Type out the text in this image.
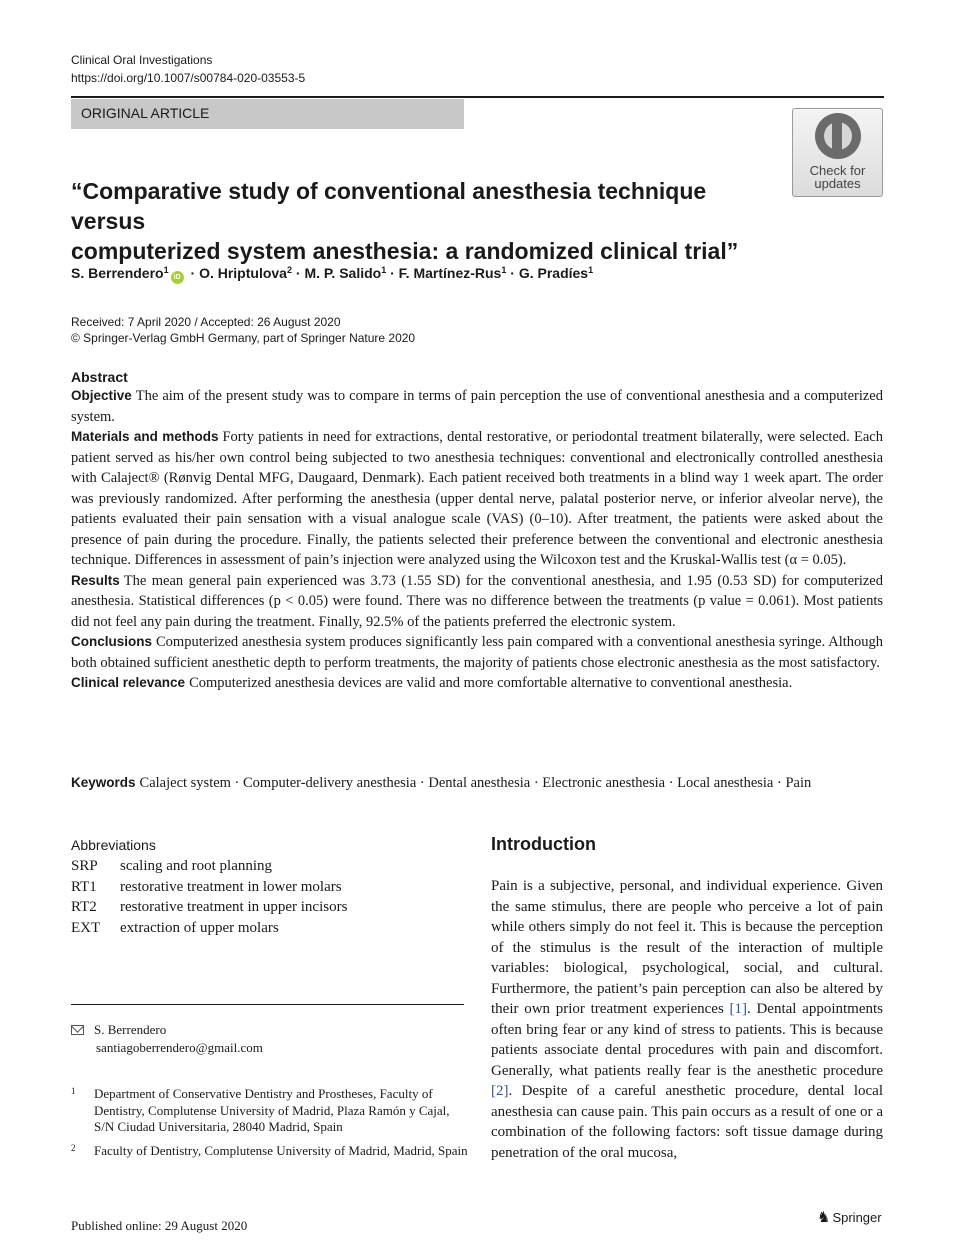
Clinical Oral Investigations
https://doi.org/10.1007/s00784-020-03553-5
ORIGINAL ARTICLE
Check for
updates
“Comparative study of conventional anesthesia technique versus
computerized system anesthesia: a randomized clinical trial”
S. Berrendero$^1$iD · O. Hriptulova$^2$ · M. P. Salido$^1$ · F. Martínez-Rus$^1$ · G. Pradíes$^1$
Received: 7 April 2020 / Accepted: 26 August 2020
© Springer-Verlag GmbH Germany, part of Springer Nature 2020
Abstract
Objective The aim of the present study was to compare in terms of pain perception the use of conventional anesthesia and a computerized system.
Materials and methods Forty patients in need for extractions, dental restorative, or periodontal treatment bilaterally, were selected. Each patient served as his/her own control being subjected to two anesthesia techniques: conventional and electronically controlled anesthesia with Calaject® (Rønvig Dental MFG, Daugaard, Denmark). Each patient received both treatments in a blind way 1 week apart. The order was previously randomized. After performing the anesthesia (upper dental nerve, palatal posterior nerve, or inferior alveolar nerve), the patients evaluated their pain sensation with a visual analogue scale (VAS) (0–10). After treatment, the patients were asked about the presence of pain during the procedure. Finally, the patients selected their preference between the conventional and electronic anesthesia technique. Differences in assessment of pain’s injection were analyzed using the Wilcoxon test and the Kruskal-Wallis test (α = 0.05).
Results The mean general pain experienced was 3.73 (1.55 SD) for the conventional anesthesia, and 1.95 (0.53 SD) for computerized anesthesia. Statistical differences (p < 0.05) were found. There was no difference between the treatments (p value = 0.061). Most patients did not feel any pain during the treatment. Finally, 92.5% of the patients preferred the electronic system.
Conclusions Computerized anesthesia system produces significantly less pain compared with a conventional anesthesia syringe. Although both obtained sufficient anesthetic depth to perform treatments, the majority of patients chose electronic anesthesia as the most satisfactory.
Clinical relevance Computerized anesthesia devices are valid and more comfortable alternative to conventional anesthesia.
Keywords Calaject system · Computer-delivery anesthesia · Dental anesthesia · Electronic anesthesia · Local anesthesia · Pain
Abbreviations
SRP	scaling and root planning
RT1	restorative treatment in lower molars
RT2	restorative treatment in upper incisors
EXT	extraction of upper molars
S. Berrendero
santiagoberrendero@gmail.com
1 Department of Conservative Dentistry and Prostheses, Faculty of Dentistry, Complutense University of Madrid, Plaza Ramón y Cajal, S/N Ciudad Universitaria, 28040 Madrid, Spain
2 Faculty of Dentistry, Complutense University of Madrid, Madrid, Spain
Introduction
Pain is a subjective, personal, and individual experience. Given the same stimulus, there are people who perceive a lot of pain while others simply do not feel it. This is because the perception of the stimulus is the result of the interaction of multiple variables: biological, psychological, social, and cultural. Furthermore, the patient’s pain perception can also be altered by their own prior treatment experiences [1]. Dental appointments often bring fear or any kind of stress to patients. This is because patients associate dental procedures with pain and discomfort. Generally, what patients really fear is the anesthetic procedure [2]. Despite of a careful anesthetic procedure, dental local anesthesia can cause pain. This pain occurs as a result of one or a combination of the following factors: soft tissue damage during penetration of the oral mucosa,
Published online: 29 August 2020	♞ Springer
